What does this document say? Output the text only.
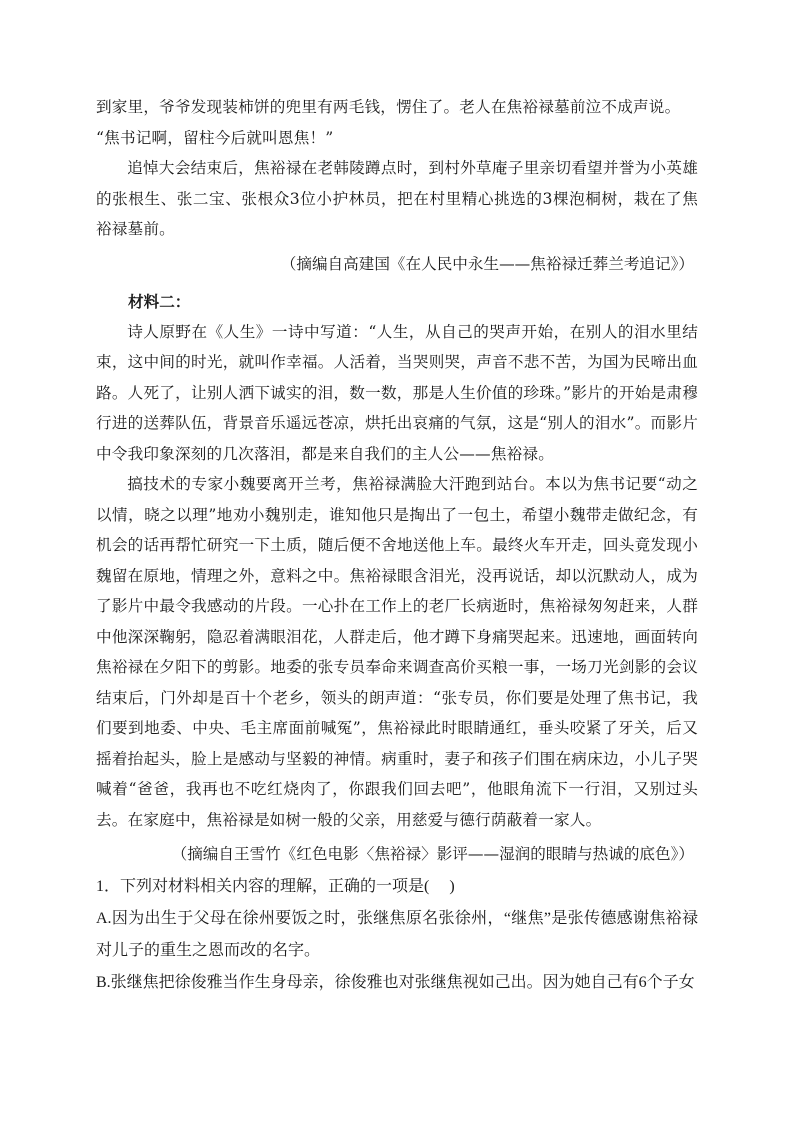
到家里，爷爷发现装柿饼的兜里有两毛钱，愣住了。老人在焦裕禄墓前泣不成声说。

“焦书记啊，留柱今后就叫恩焦！”

追悼大会结束后，焦裕禄在老韩陵蹲点时，到村外草庵子里亲切看望并誉为小英雄的张根生、张二宝、张根众3位小护林员，把在村里精心挑选的3棵泡桐树，栽在了焦裕禄墓前。

（摘编自高建国《在人民中永生——焦裕禄迁葬兰考追记》）

材料二：

诗人原野在《人生》一诗中写道：“人生，从自己的哭声开始，在别人的泪水里结束，这中间的时光，就叫作幸福。人活着，当哭则哭，声音不悲不苦，为国为民啼出血路。人死了，让别人洒下诚实的泪，数一数，那是人生价值的珍珠。”影片的开始是肃穆行进的送葬队伍，背景音乐遥远苍凉，烘托出哀痛的气氛，这是“别人的泪水”。而影片中令我印象深刻的几次落泪，都是来自我们的主人公——焦裕禄。

搞技术的专家小魏要离开兰考，焦裕禄满脸大汗跑到站台。本以为焦书记要“动之以情，晓之以理”地劝小魏别走，谁知他只是掏出了一包土，希望小魏带走做纪念，有机会的话再帮忙研究一下土质，随后便不舍地送他上车。最终火车开走，回头竟发现小魏留在原地，情理之外，意料之中。焦裕禄眼含泪光，没再说话，却以沉默动人，成为了影片中最令我感动的片段。一心扑在工作上的老厂长病逝时，焦裕禄匆匆赶来，人群中他深深鞠躬，隐忍着满眼泪花，人群走后，他才蹲下身痛哭起来。迅速地，画面转向焦裕禄在夕阳下的剪影。地委的张专员奉命来调查高价买粮一事，一场刀光剑影的会议结束后，门外却是百十个老乡，领头的朗声道：“张专员，你们要是处理了焦书记，我们要到地委、中央、毛主席面前喊冤”，焦裕禄此时眼睛通红，垂头咬紧了牙关，后又摇着抬起头，脸上是感动与坚毅的神情。病重时，妻子和孩子们围在病床边，小儿子哭喊着“爸爸，我再也不吃红烧肉了，你跟我们回去吧”，他眼角流下一行泪，又别过头去。在家庭中，焦裕禄是如树一般的父亲，用慈爱与德行荫蔽着一家人。

（摘编自王雪竹《红色电影〈焦裕禄〉影评——湿润的眼睛与热诚的底色》）

1．下列对材料相关内容的理解，正确的一项是(　 )

A.因为出生于父母在徐州要饭之时，张继焦原名张徐州，“继焦”是张传德感谢焦裕禄对儿子的重生之恩而改的名字。

B.张继焦把徐俊雅当作生身母亲，徐俊雅也对张继焦视如己出。因为她自己有6个子女
